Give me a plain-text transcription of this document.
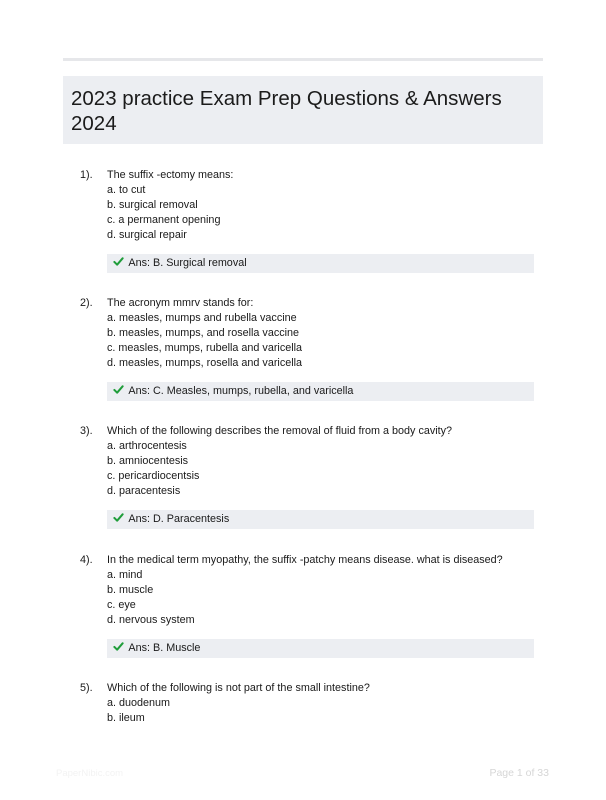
2023 practice Exam Prep Questions & Answers 2024
1). The suffix -ectomy means:
a. to cut
b. surgical removal
c. a permanent opening
d. surgical repair
Ans: B. Surgical removal
2). The acronym mmrv stands for:
a. measles, mumps and rubella vaccine
b. measles, mumps, and rosella vaccine
c. measles, mumps, rubella and varicella
d. measles, mumps, rosella and varicella
Ans: C. Measles, mumps, rubella, and varicella
3). Which of the following describes the removal of fluid from a body cavity?
a. arthrocentesis
b. amniocentesis
c. pericardiocentsis
d. paracentesis
Ans: D. Paracentesis
4). In the medical term myopathy, the suffix -patchy means disease. what is diseased?
a. mind
b. muscle
c. eye
d. nervous system
Ans: B. Muscle
5). Which of the following is not part of the small intestine?
a. duodenum
b. ileum
PaperNibic.com	Page 1 of 33
